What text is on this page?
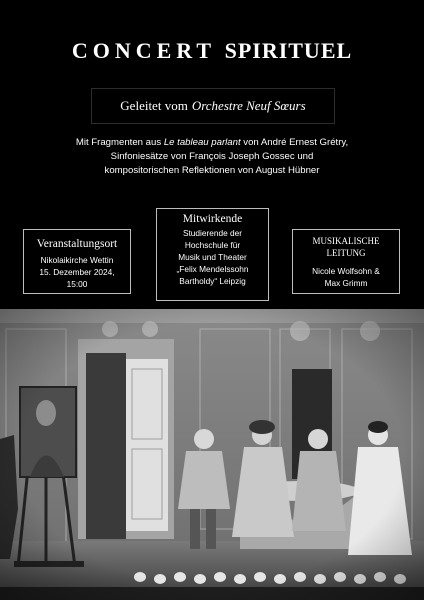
CONCERT SPIRITUEL
Geleitet vom Orchestre Neuf Sœurs
Mit Fragmenten aus Le tableau parlant von André Ernest Grétry,
Sinfoniesätze von François Joseph Gossec und
kompositorischen Reflektionen von August Hübner
Veranstaltungsort
Nikolaikirche Wettin
15. Dezember 2024,
15:00
Mitwirkende
Studierende der
Hochschule für
Musik und Theater
„Felix Mendelssohn
Bartholdy“ Leipzig
MUSIKALISCHE
LEITUNG
Nicole Wolfsohn &
Max Grimm
